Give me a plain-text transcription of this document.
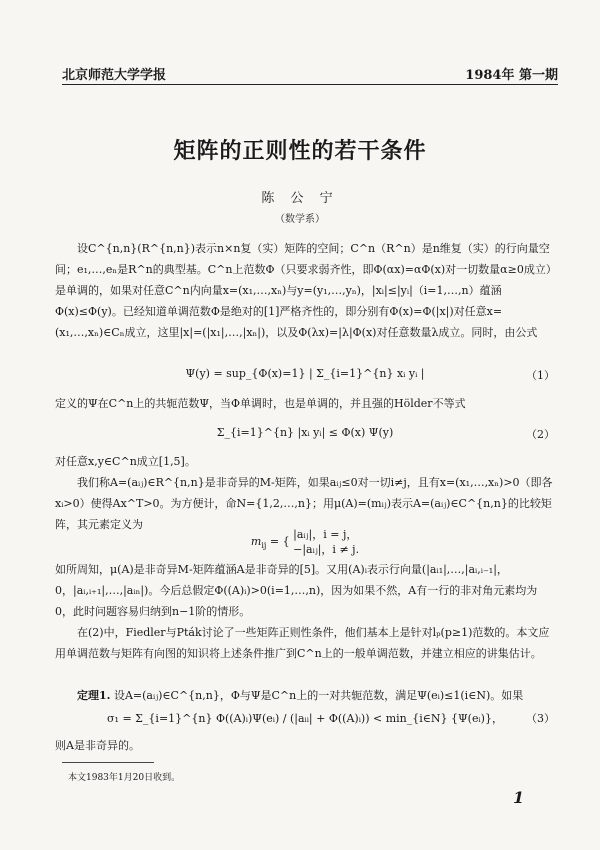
北京师范大学学报	1984年 第一期
矩阵的正则性的若干条件
陈 公 宁
（数学系）
设C^{n,n}(R^{n,n})表示n×n复（实）矩阵的空间；C^n（R^n）是n维复（实）的行向量空间；e₁,…,eₙ是R^n的典型基。C^n上范数Φ（只要求弱齐性，即Φ(αx)=αΦ(x)对一切数量α≥0成立）是单调的，如果对任意C^n内向量x=(x₁,…,xₙ)与y=(y₁,…,yₙ)，|xᵢ|≤|yᵢ|（i=1,…,n）蕴涵Φ(x)≤Φ(y)。已经知道单调范数Φ是绝对的[1]严格齐性的，即分别有Φ(x)=Φ(|x|)对任意x=(x₁,…,xₙ)∈Cₙ成立，这里|x|=(|x₁|,…,|xₙ|)，以及Φ(λx)=|λ|Φ(x)对任意数量λ成立。同时，由公式
Ψ(y) = sup_{Φ(x)=1} | Σ_{i=1}^{n} xᵢ yᵢ |	（1）
定义的Ψ在C^n上的共轭范数Ψ，当Φ单调时，也是单调的，并且强的Hölder不等式
Σ_{i=1}^{n} |xᵢ yᵢ| ≤ Φ(x) Ψ(y)	（2）
对任意x,y∈C^n成立[1,5]。
我们称A=(aᵢⱼ)∈R^{n,n}是非奇异的M-矩阵，如果aᵢⱼ≤0对一切i≠j，且有x=(x₁,…,xₙ)>0（即各xᵢ>0）使得Ax^T>0。为方便计，命N={1,2,…,n}；用μ(A)=(mᵢⱼ)表示A=(aᵢⱼ)∈C^{n,n}的比较矩阵，其元素定义为
$m_{ij}$ = { |aᵢⱼ|，i = j，
−|aᵢⱼ|，i ≠ j.
如所周知，μ(A)是非奇异M-矩阵蕴涵A是非奇异的[5]。又用(A)ᵢ表示行向量(|aᵢ₁|,…,|aᵢ,ᵢ₋₁|，0，|aᵢ,ᵢ₊₁|,…,|aᵢₙ|)。今后总假定Φ((A)ᵢ)>0(i=1,…,n)，因为如果不然，A有一行的非对角元素均为0，此时问题容易归纳到n−1阶的情形。
在(2)中，Fiedler与Pták讨论了一些矩阵正则性条件，他们基本上是针对lₚ(p≥1)范数的。本文应用单调范数与矩阵有向图的知识将上述条件推广到C^n上的一般单调范数，并建立相应的讲集估计。
定理1. 设A=(aᵢⱼ)∈C^{n,n}，Φ与Ψ是C^n上的一对共轭范数，满足Ψ(eᵢ)≤1(i∈N)。如果
σ₁ = Σ_{i=1}^{n} Φ((A)ᵢ)Ψ(eᵢ) / (|aᵢᵢ| + Φ((A)ᵢ)) < min_{i∈N} {Ψ(eᵢ)}， （3）
则A是非奇异的。
本文1983年1月20日收到。
1
